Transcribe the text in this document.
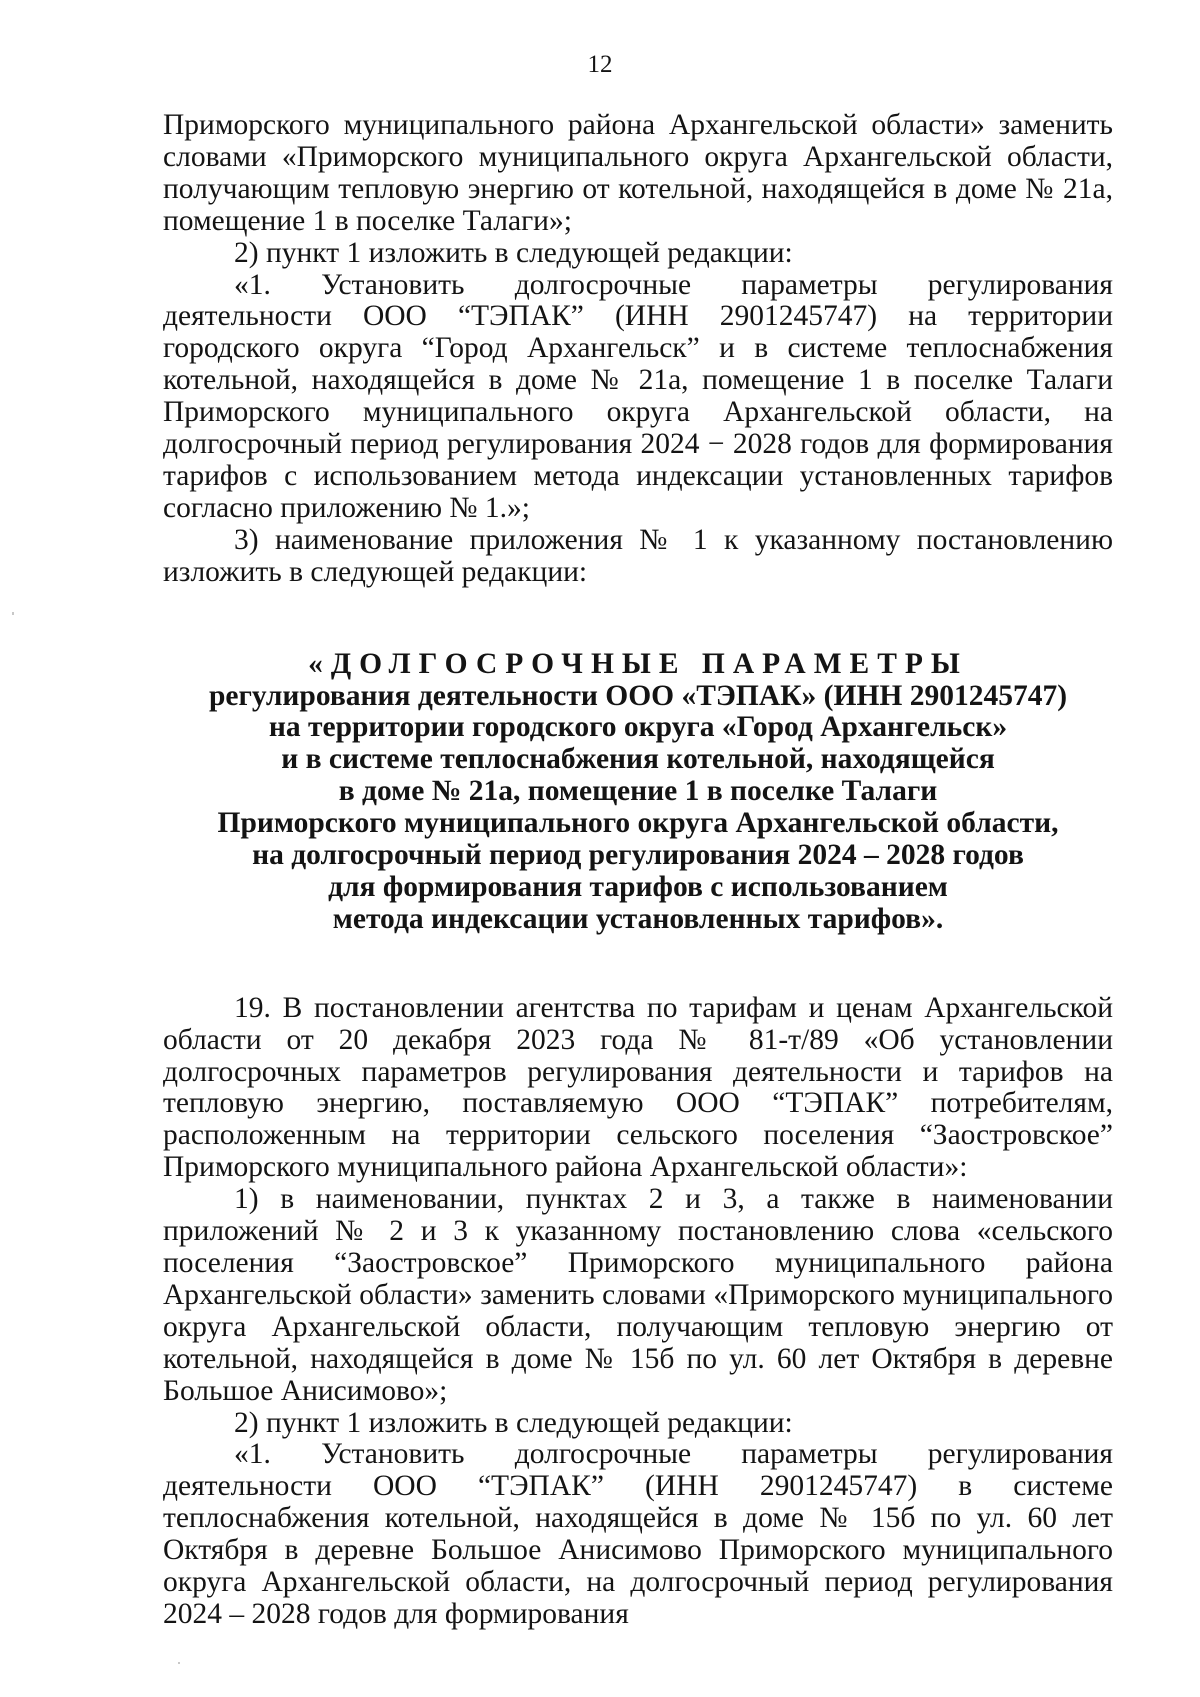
12

Приморского муниципального района Архангельской области» заменить словами «Приморского муниципального округа Архангельской области, получающим тепловую энергию от котельной, находящейся в доме № 21а, помещение 1 в поселке Талаги»;

2) пункт 1 изложить в следующей редакции:

«1. Установить долгосрочные параметры регулирования деятельности ООО “ТЭПАК” (ИНН 2901245747) на территории городского округа “Город Архангельск” и в системе теплоснабжения котельной, находящейся в доме № 21а, помещение 1 в поселке Талаги Приморского муниципального округа Архангельской области, на долгосрочный период регулирования 2024 − 2028 годов для формирования тарифов с использованием метода индексации установленных тарифов согласно приложению № 1.»;

3) наименование приложения № 1 к указанному постановлению изложить в следующей редакции:

«ДОЛГОСРОЧНЫЕ ПАРАМЕТРЫ
регулирования деятельности ООО «ТЭПАК» (ИНН 2901245747)
на территории городского округа «Город Архангельск»
и в системе теплоснабжения котельной, находящейся
в доме № 21а, помещение 1 в поселке Талаги
Приморского муниципального округа Архангельской области,
на долгосрочный период регулирования 2024 – 2028 годов
для формирования тарифов с использованием
метода индексации установленных тарифов».

19. В постановлении агентства по тарифам и ценам Архангельской области от 20 декабря 2023 года № 81-т/89 «Об установлении долгосрочных параметров регулирования деятельности и тарифов на тепловую энергию, поставляемую ООО “ТЭПАК” потребителям, расположенным на территории сельского поселения “Заостровское” Приморского муниципального района Архангельской области»:

1) в наименовании, пунктах 2 и 3, а также в наименовании приложений № 2 и 3 к указанному постановлению слова «сельского поселения “Заостровское” Приморского муниципального района Архангельской области» заменить словами «Приморского муниципального округа Архангельской области, получающим тепловую энергию от котельной, находящейся в доме № 15б по ул. 60 лет Октября в деревне Большое Анисимово»;

2) пункт 1 изложить в следующей редакции:

«1. Установить долгосрочные параметры регулирования деятельности ООО “ТЭПАК” (ИНН 2901245747) в системе теплоснабжения котельной, находящейся в доме № 15б по ул. 60 лет Октября в деревне Большое Анисимово Приморского муниципального округа Архангельской области, на долгосрочный период регулирования 2024 – 2028 годов для формирования
